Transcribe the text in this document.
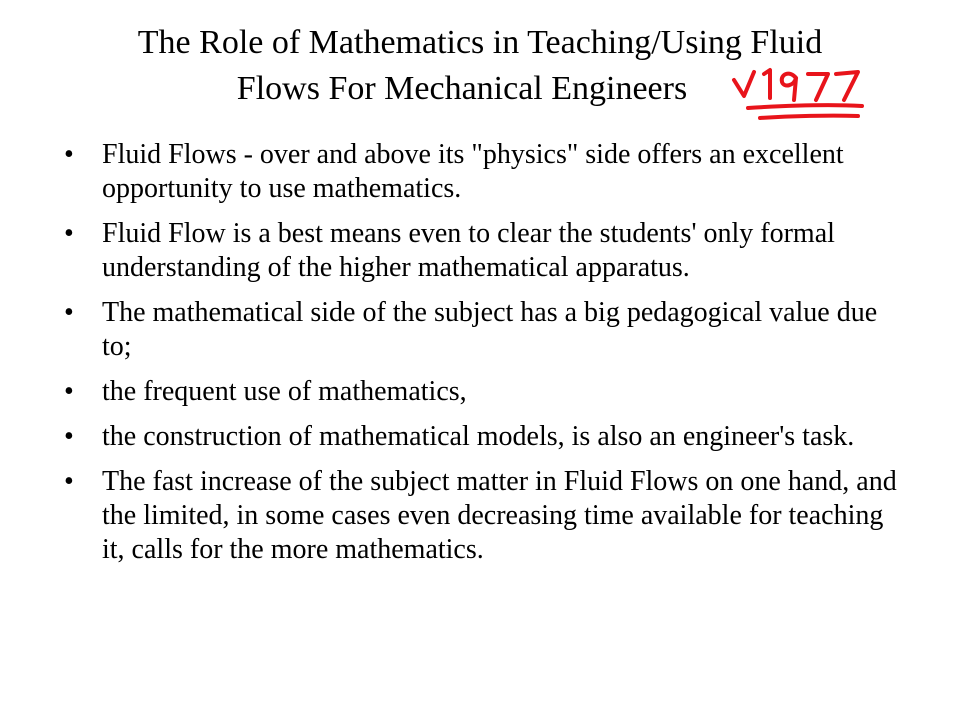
The Role of Mathematics in Teaching/Using Fluid
Flows For Mechanical Engineers
•	Fluid Flows - over and above its "physics" side offers an excellent opportunity to use mathematics.
•	Fluid Flow is a best means even to clear the students' only formal understanding of the higher mathematical apparatus.
•	The mathematical side of the subject has a big pedagogical value due to;
•	the frequent use of mathematics,
•	the construction of mathematical models, is also an engineer's task.
•	The fast increase of the subject matter in Fluid Flows on one hand, and the limited, in some cases even decreasing time available for teaching it, calls for the more mathematics.
